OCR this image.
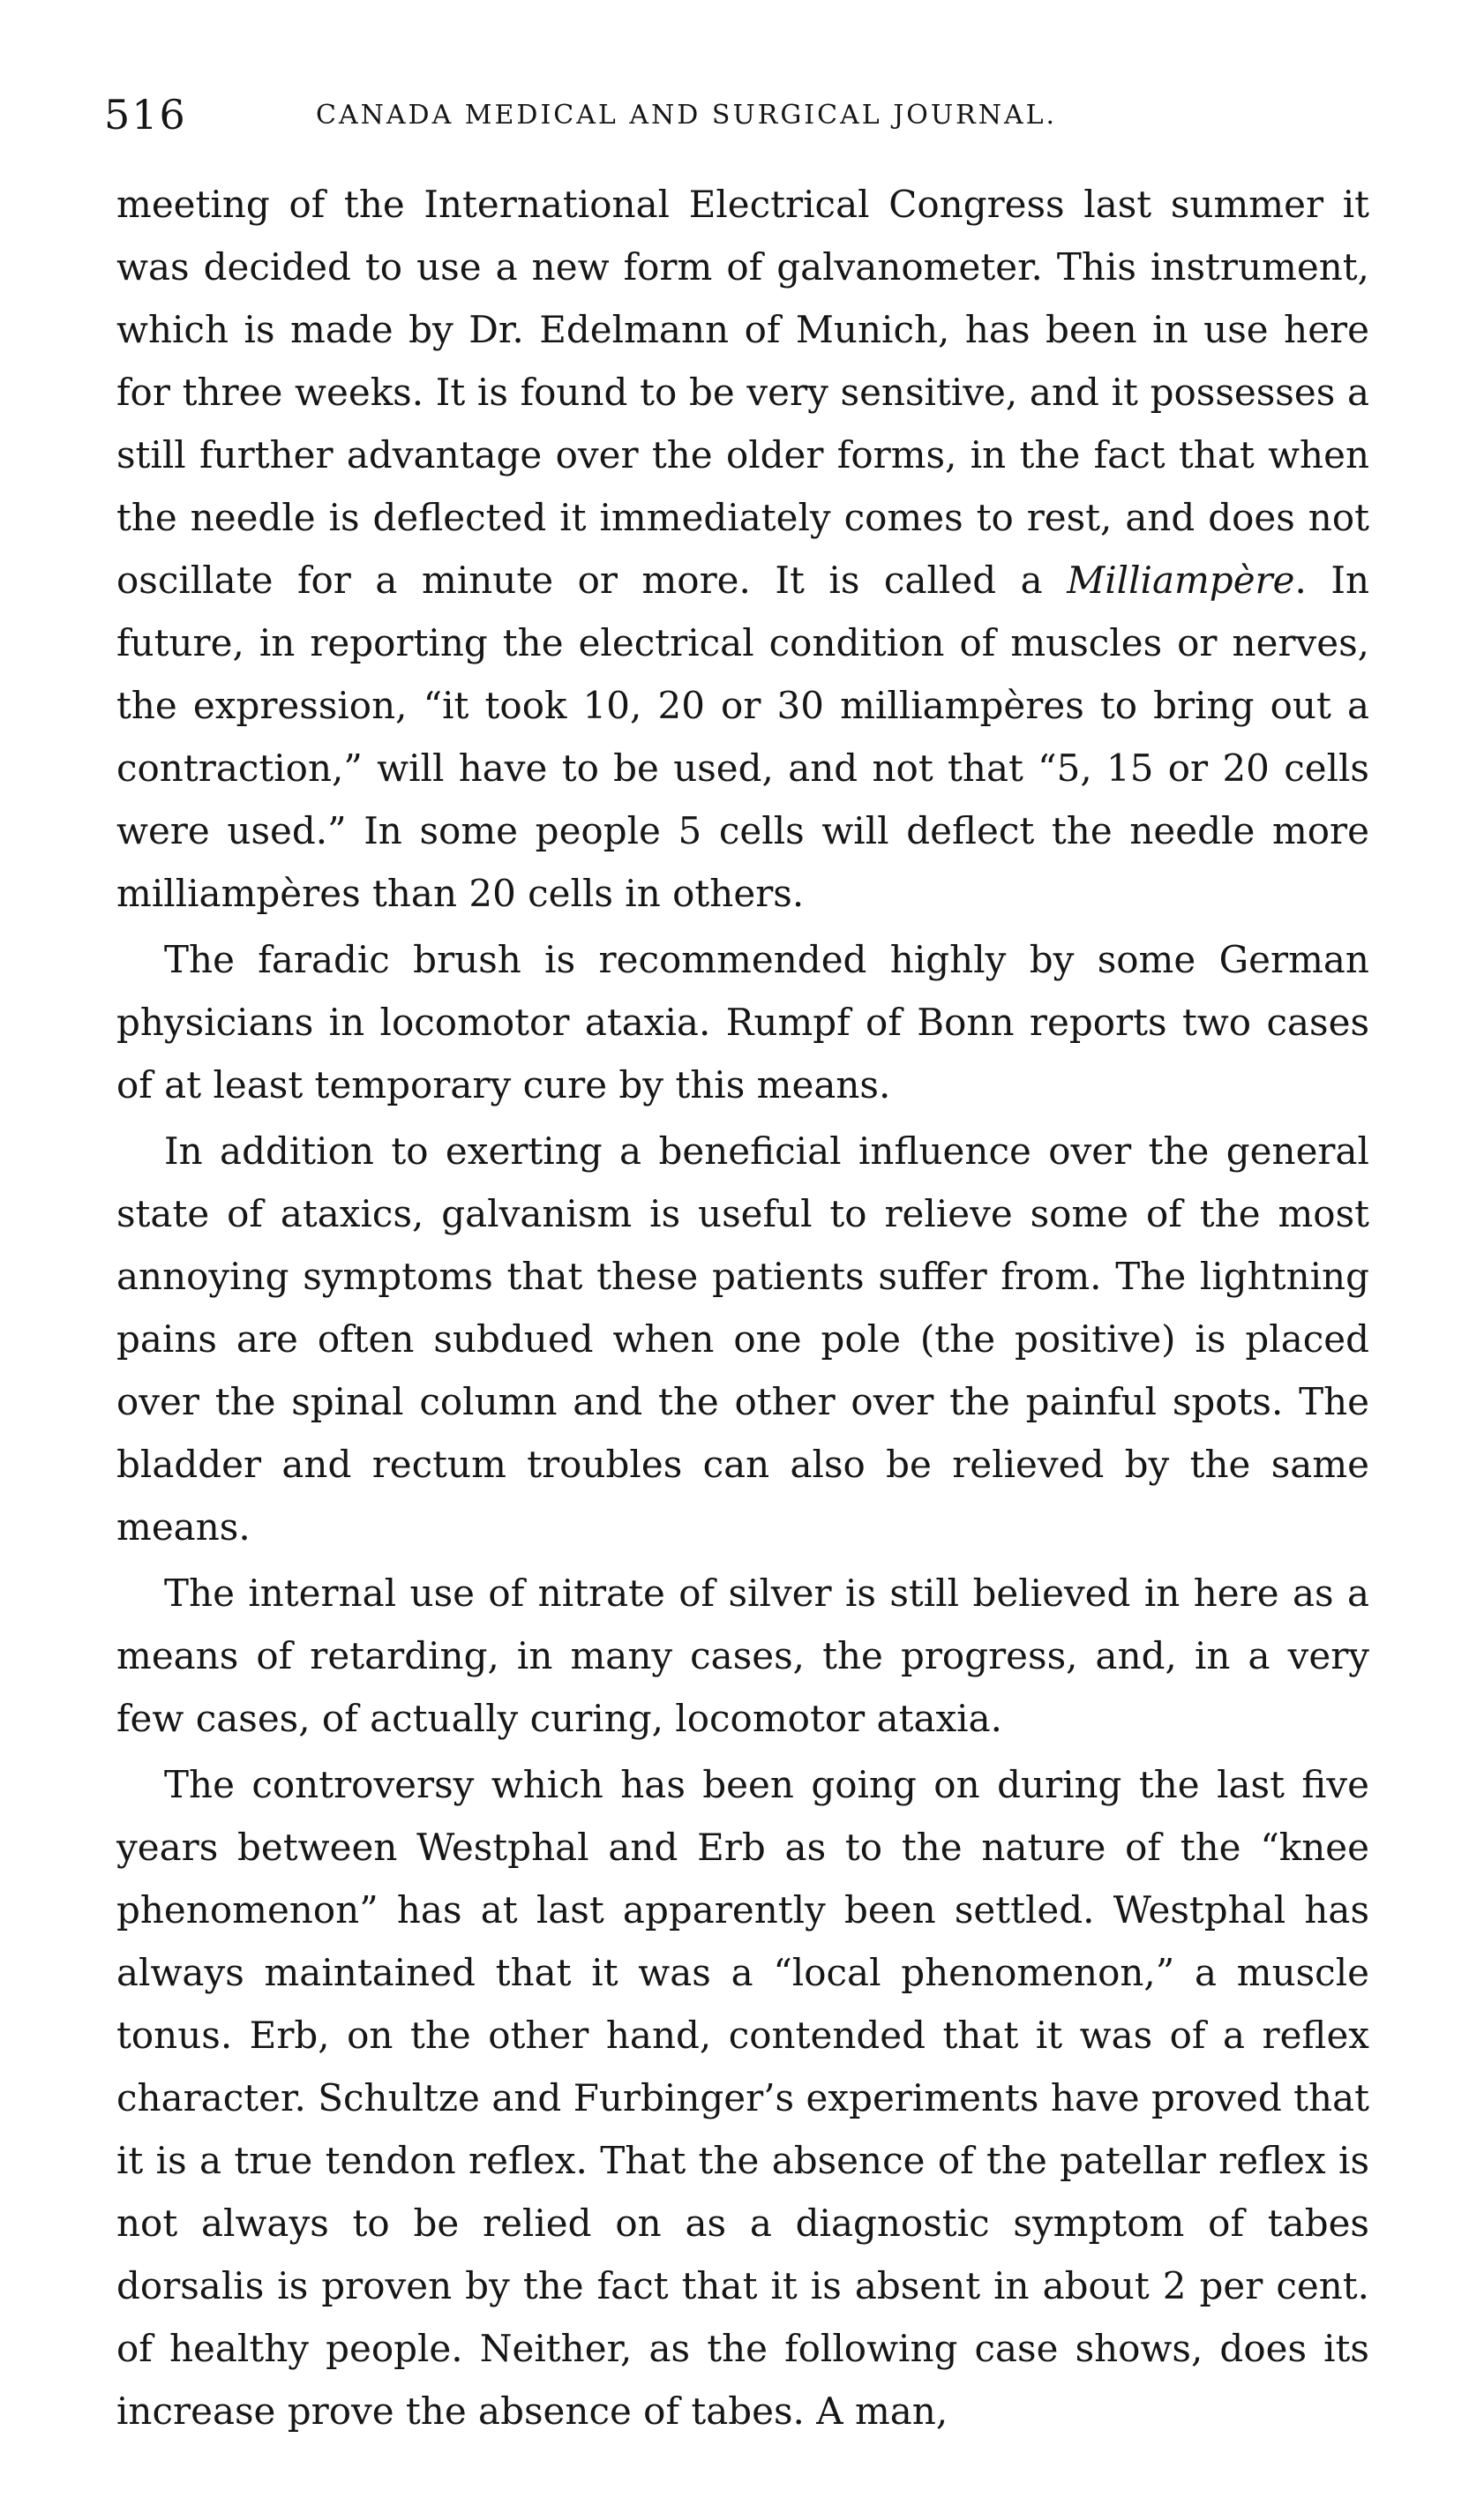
516	CANADA MEDICAL AND SURGICAL JOURNAL.

meeting of the International Electrical Congress last summer it was decided to use a new form of galvanometer. This instrument, which is made by Dr. Edelmann of Munich, has been in use here for three weeks. It is found to be very sensitive, and it possesses a still further advantage over the older forms, in the fact that when the needle is deflected it immediately comes to rest, and does not oscillate for a minute or more. It is called a Milliampère. In future, in reporting the electrical condition of muscles or nerves, the expression, “it took 10, 20 or 30 milliampères to bring out a contraction,” will have to be used, and not that “5, 15 or 20 cells were used.” In some people 5 cells will deflect the needle more milliampères than 20 cells in others.

The faradic brush is recommended highly by some German physicians in locomotor ataxia. Rumpf of Bonn reports two cases of at least temporary cure by this means.

In addition to exerting a beneficial influence over the general state of ataxics, galvanism is useful to relieve some of the most annoying symptoms that these patients suffer from. The lightning pains are often subdued when one pole (the positive) is placed over the spinal column and the other over the painful spots. The bladder and rectum troubles can also be relieved by the same means.

The internal use of nitrate of silver is still believed in here as a means of retarding, in many cases, the progress, and, in a very few cases, of actually curing, locomotor ataxia.

The controversy which has been going on during the last five years between Westphal and Erb as to the nature of the “knee phenomenon” has at last apparently been settled. Westphal has always maintained that it was a “local phenomenon,” a muscle tonus. Erb, on the other hand, contended that it was of a reflex character. Schultze and Furbinger’s experiments have proved that it is a true tendon reflex. That the absence of the patellar reflex is not always to be relied on as a diagnostic symptom of tabes dorsalis is proven by the fact that it is absent in about 2 per cent. of healthy people. Neither, as the following case shows, does its increase prove the absence of tabes. A man,
